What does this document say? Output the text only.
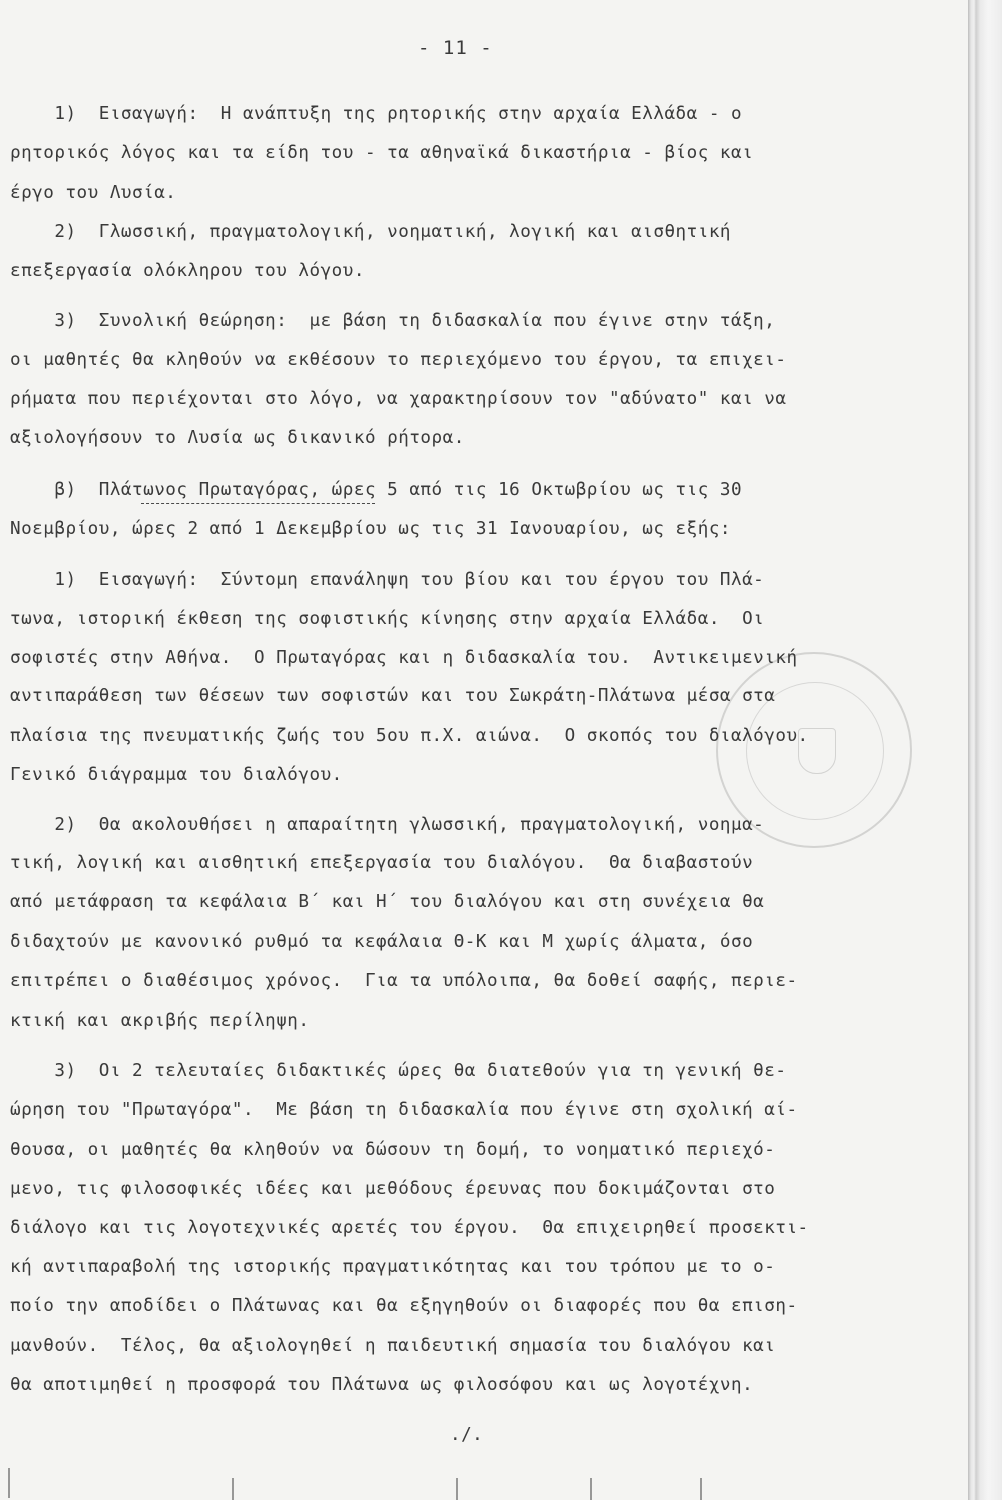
- 11 -
1)  Εισαγωγή:  Η ανάπτυξη της ρητορικής στην αρχαία Ελλάδα - ο
ρητορικός λόγος και τα είδη του - τα αθηναϊκά δικαστήρια - βίος και
έργο του Λυσία.
2)  Γλωσσική, πραγματολογική, νοηματική, λογική και αισθητική
επεξεργασία ολόκληρου του λόγου.
3)  Συνολική θεώρηση:  με βάση τη διδασκαλία που έγινε στην τάξη,
οι μαθητές θα κληθούν να εκθέσουν το περιεχόμενο του έργου, τα επιχει-
ρήματα που περιέχονται στο λόγο, να χαρακτηρίσουν τον "αδύνατο" και να
αξιολογήσουν το Λυσία ως δικανικό ρήτορα.
β)  Πλάτωνος Πρωταγόρας, ώρες 5 από τις 16 Οκτωβρίου ως τις 30
Νοεμβρίου, ώρες 2 από 1 Δεκεμβρίου ως τις 31 Ιανουαρίου, ως εξής:
1)  Εισαγωγή:  Σύντομη επανάληψη του βίου και του έργου του Πλά-
τωνα, ιστορική έκθεση της σοφιστικής κίνησης στην αρχαία Ελλάδα.  Οι
σοφιστές στην Αθήνα.  Ο Πρωταγόρας και η διδασκαλία του.  Αντικειμενική
αντιπαράθεση των θέσεων των σοφιστών και του Σωκράτη-Πλάτωνα μέσα στα
πλαίσια της πνευματικής ζωής του 5ου π.Χ. αιώνα.  Ο σκοπός του διαλόγου.
Γενικό διάγραμμα του διαλόγου.
2)  Θα ακολουθήσει η απαραίτητη γλωσσική, πραγματολογική, νοημα-
τική, λογική και αισθητική επεξεργασία του διαλόγου.  Θα διαβαστούν
από μετάφραση τα κεφάλαια Β΄ και Η΄ του διαλόγου και στη συνέχεια θα
διδαχτούν με κανονικό ρυθμό τα κεφάλαια Θ-Κ και Μ χωρίς άλματα, όσο
επιτρέπει ο διαθέσιμος χρόνος.  Για τα υπόλοιπα, θα δοθεί σαφής, περιε-
κτική και ακριβής περίληψη.
3)  Οι 2 τελευταίες διδακτικές ώρες θα διατεθούν για τη γενική θε-
ώρηση του "Πρωταγόρα".  Με βάση τη διδασκαλία που έγινε στη σχολική αί-
θουσα, οι μαθητές θα κληθούν να δώσουν τη δομή, το νοηματικό περιεχό-
μενο, τις φιλοσοφικές ιδέες και μεθόδους έρευνας που δοκιμάζονται στο
διάλογο και τις λογοτεχνικές αρετές του έργου.  Θα επιχειρηθεί προσεκτι-
κή αντιπαραβολή της ιστορικής πραγματικότητας και του τρόπου με το ο-
ποίο την αποδίδει ο Πλάτωνας και θα εξηγηθούν οι διαφορές που θα επιση-
μανθούν.  Τέλος, θα αξιολογηθεί η παιδευτική σημασία του διαλόγου και
θα αποτιμηθεί η προσφορά του Πλάτωνα ως φιλοσόφου και ως λογοτέχνη.
./.
